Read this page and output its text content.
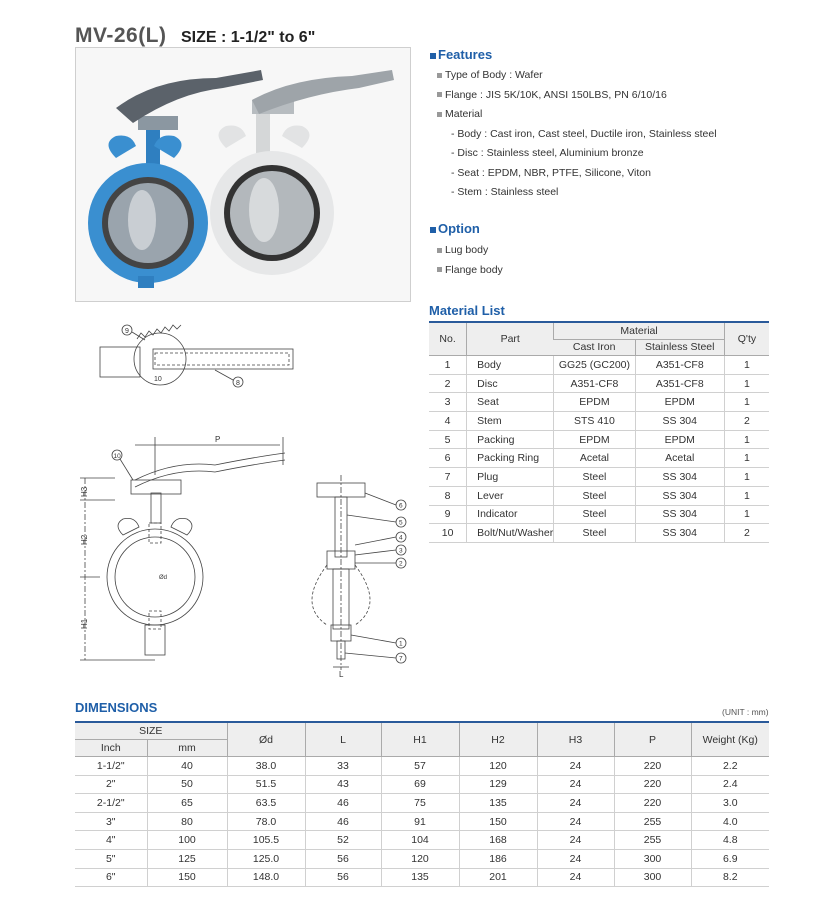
MV-26(L) SIZE : 1-1/2" to 6"
Features
Type of Body : Wafer
Flange : JIS 5K/10K, ANSI 150LBS, PN 6/10/16
Material
- Body : Cast iron, Cast steel, Ductile iron, Stainless steel
- Disc : Stainless steel, Aluminium bronze
- Seat : EPDM, NBR, PTFE, Silicone, Viton
- Stem : Stainless steel
Option
Lug body
Flange body
9
10
8
P
H3
H2
H1
Ød
10
6
5
4
3
2
1
7
L
Material List
No.	Part	Material		Q'ty
		Cast Iron	Stainless Steel	
1	Body	GG25 (GC200)	A351-CF8	1
2	Disc	A351-CF8	A351-CF8	1
3	Seat	EPDM	EPDM	1
4	Stem	STS 410	SS 304	2
5	Packing	EPDM	EPDM	1
6	Packing Ring	Acetal	Acetal	1
7	Plug	Steel	SS 304	1
8	Lever	Steel	SS 304	1
9	Indicator	Steel	SS 304	1
10	Bolt/Nut/Washer	Steel	SS 304	2
DIMENSIONS	(UNIT : mm)
SIZE		Ød	L	H1	H2	H3	P	Weight (Kg)
Inch	mm							
1-1/2"	40	38.0	33	57	120	24	220	2.2
2"	50	51.5	43	69	129	24	220	2.4
2-1/2"	65	63.5	46	75	135	24	220	3.0
3"	80	78.0	46	91	150	24	255	4.0
4"	100	105.5	52	104	168	24	255	4.8
5"	125	125.0	56	120	186	24	300	6.9
6"	150	148.0	56	135	201	24	300	8.2
